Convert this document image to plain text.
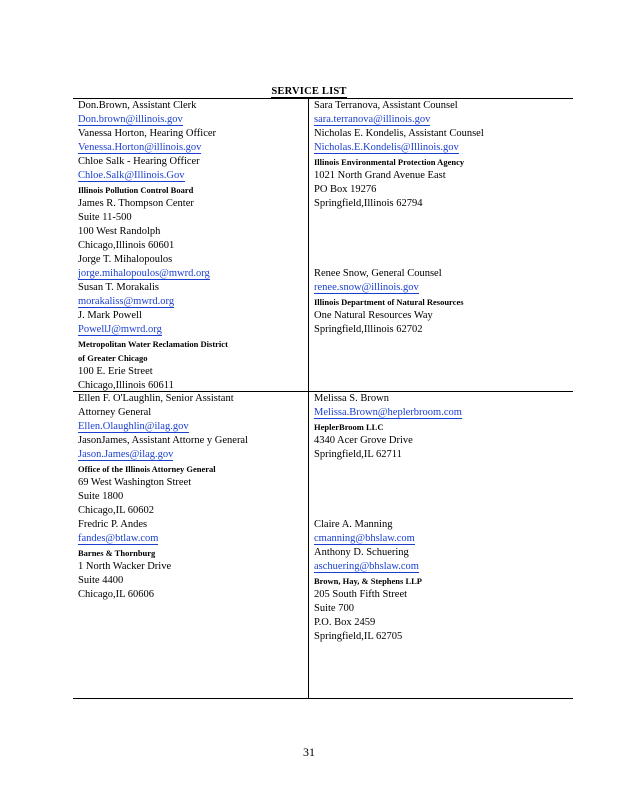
SERVICE LIST
Don.Brown, Assistant Clerk
Don.brown@illinois.gov
Vanessa Horton, Hearing Officer
Venessa.Horton@illinois.gov
Chloe Salk - Hearing Officer
Chloe.Salk@Illinois.Gov
Illinois Pollution Control Board
James R. Thompson Center
Suite 11-500
100 West Randolph
Chicago,Illinois 60601
Jorge T. Mihalopoulos
jorge.mihalopoulos@mwrd.org
Susan T. Morakalis
morakaliss@mwrd.org
J. Mark Powell
PowellJ@mwrd.org
Metropolitan Water Reclamation District
of Greater Chicago
100 E. Erie Street
Chicago,Illinois 60611
Sara Terranova, Assistant Counsel
sara.terranova@illinois.gov
Nicholas E. Kondelis, Assistant Counsel
Nicholas.E.Kondelis@Illinois.gov
Illinois Environmental Protection Agency
1021 North Grand Avenue East
PO Box 19276
Springfield,Illinois 62794
Renee Snow, General Counsel
renee.snow@illinois.gov
Illinois Department of Natural Resources
One Natural Resources Way
Springfield,Illinois 62702
Ellen F. O'Laughlin, Senior Assistant
Attorney General
Ellen.Olaughlin@ilag.gov
JasonJames, Assistant Attorne y General
Jason.James@ilag.gov
Office of the Illinois Attorney General
69 West Washington Street
Suite 1800
Chicago,IL 60602
Fredric P. Andes
fandes@btlaw.com
Barnes & Thornburg
1 North Wacker Drive
Suite 4400
Chicago,IL 60606
Melissa S. Brown
Melissa.Brown@heplerbroom.com
HeplerBroom LLC
4340 Acer Grove Drive
Springfield,IL 62711
Claire A. Manning
cmanning@bhslaw.com
Anthony D. Schuering
aschuering@bhslaw.com
Brown, Hay, & Stephens LLP
205 South Fifth Street
Suite 700
P.O. Box 2459
Springfield,IL 62705
31
